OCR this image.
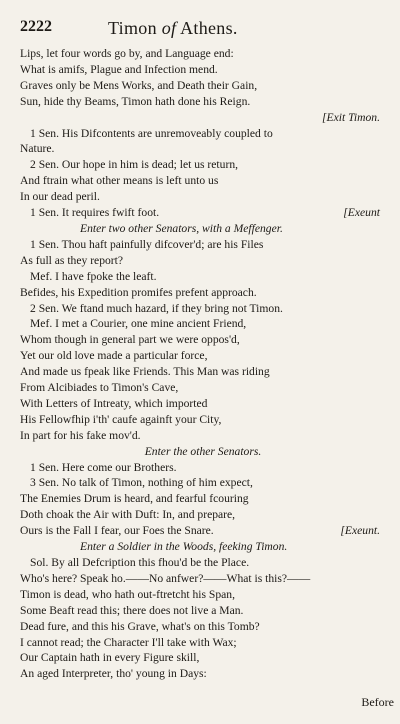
2222	Timon of Athens.
Lips, let four words go by, and Language end:
What is amifs, Plague and Infection mend.
Graves only be Mens Works, and Death their Gain,
Sun, hide thy Beams, Timon hath done his Reign.
[Exit Timon.
1 Sen. His Difcontents are unremoveably coupled to
Nature.
2 Sen. Our hope in him is dead; let us return,
And ftrain what other means is left unto us
In our dead peril.
1 Sen. It requires fwift foot.	[Exeunt
Enter two other Senators, with a Meffenger.
1 Sen. Thou haft painfully difcover'd; are his Files
As full as they report?
Mef. I have fpoke the leaft.
Befides, his Expedition promifes prefent approach.
2 Sen. We ftand much hazard, if they bring not Timon.
Mef. I met a Courier, one mine ancient Friend,
Whom though in general part we were oppos'd,
Yet our old love made a particular force,
And made us fpeak like Friends. This Man was riding
From Alcibiades to Timon's Cave,
With Letters of Intreaty, which imported
His Fellowfhip i'th' caufe againft your City,
In part for his fake mov'd.
Enter the other Senators.
1 Sen. Here come our Brothers.
3 Sen. No talk of Timon, nothing of him expect,
The Enemies Drum is heard, and fearful fcouring
Doth choak the Air with Duft: In, and prepare,
Ours is the Fall I fear, our Foes the Snare.	[Exeunt.
Enter a Soldier in the Woods, feeking Timon.
Sol. By all Defcription this fhou'd be the Place.
Who's here? Speak ho.——No anfwer?——What is this?——
Timon is dead, who hath out-ftretcht his Span,
Some Beaft read this; there does not live a Man.
Dead fure, and this his Grave, what's on this Tomb?
I cannot read; the Character I'll take with Wax;
Our Captain hath in every Figure skill,
An aged Interpreter, tho' young in Days:
Before
